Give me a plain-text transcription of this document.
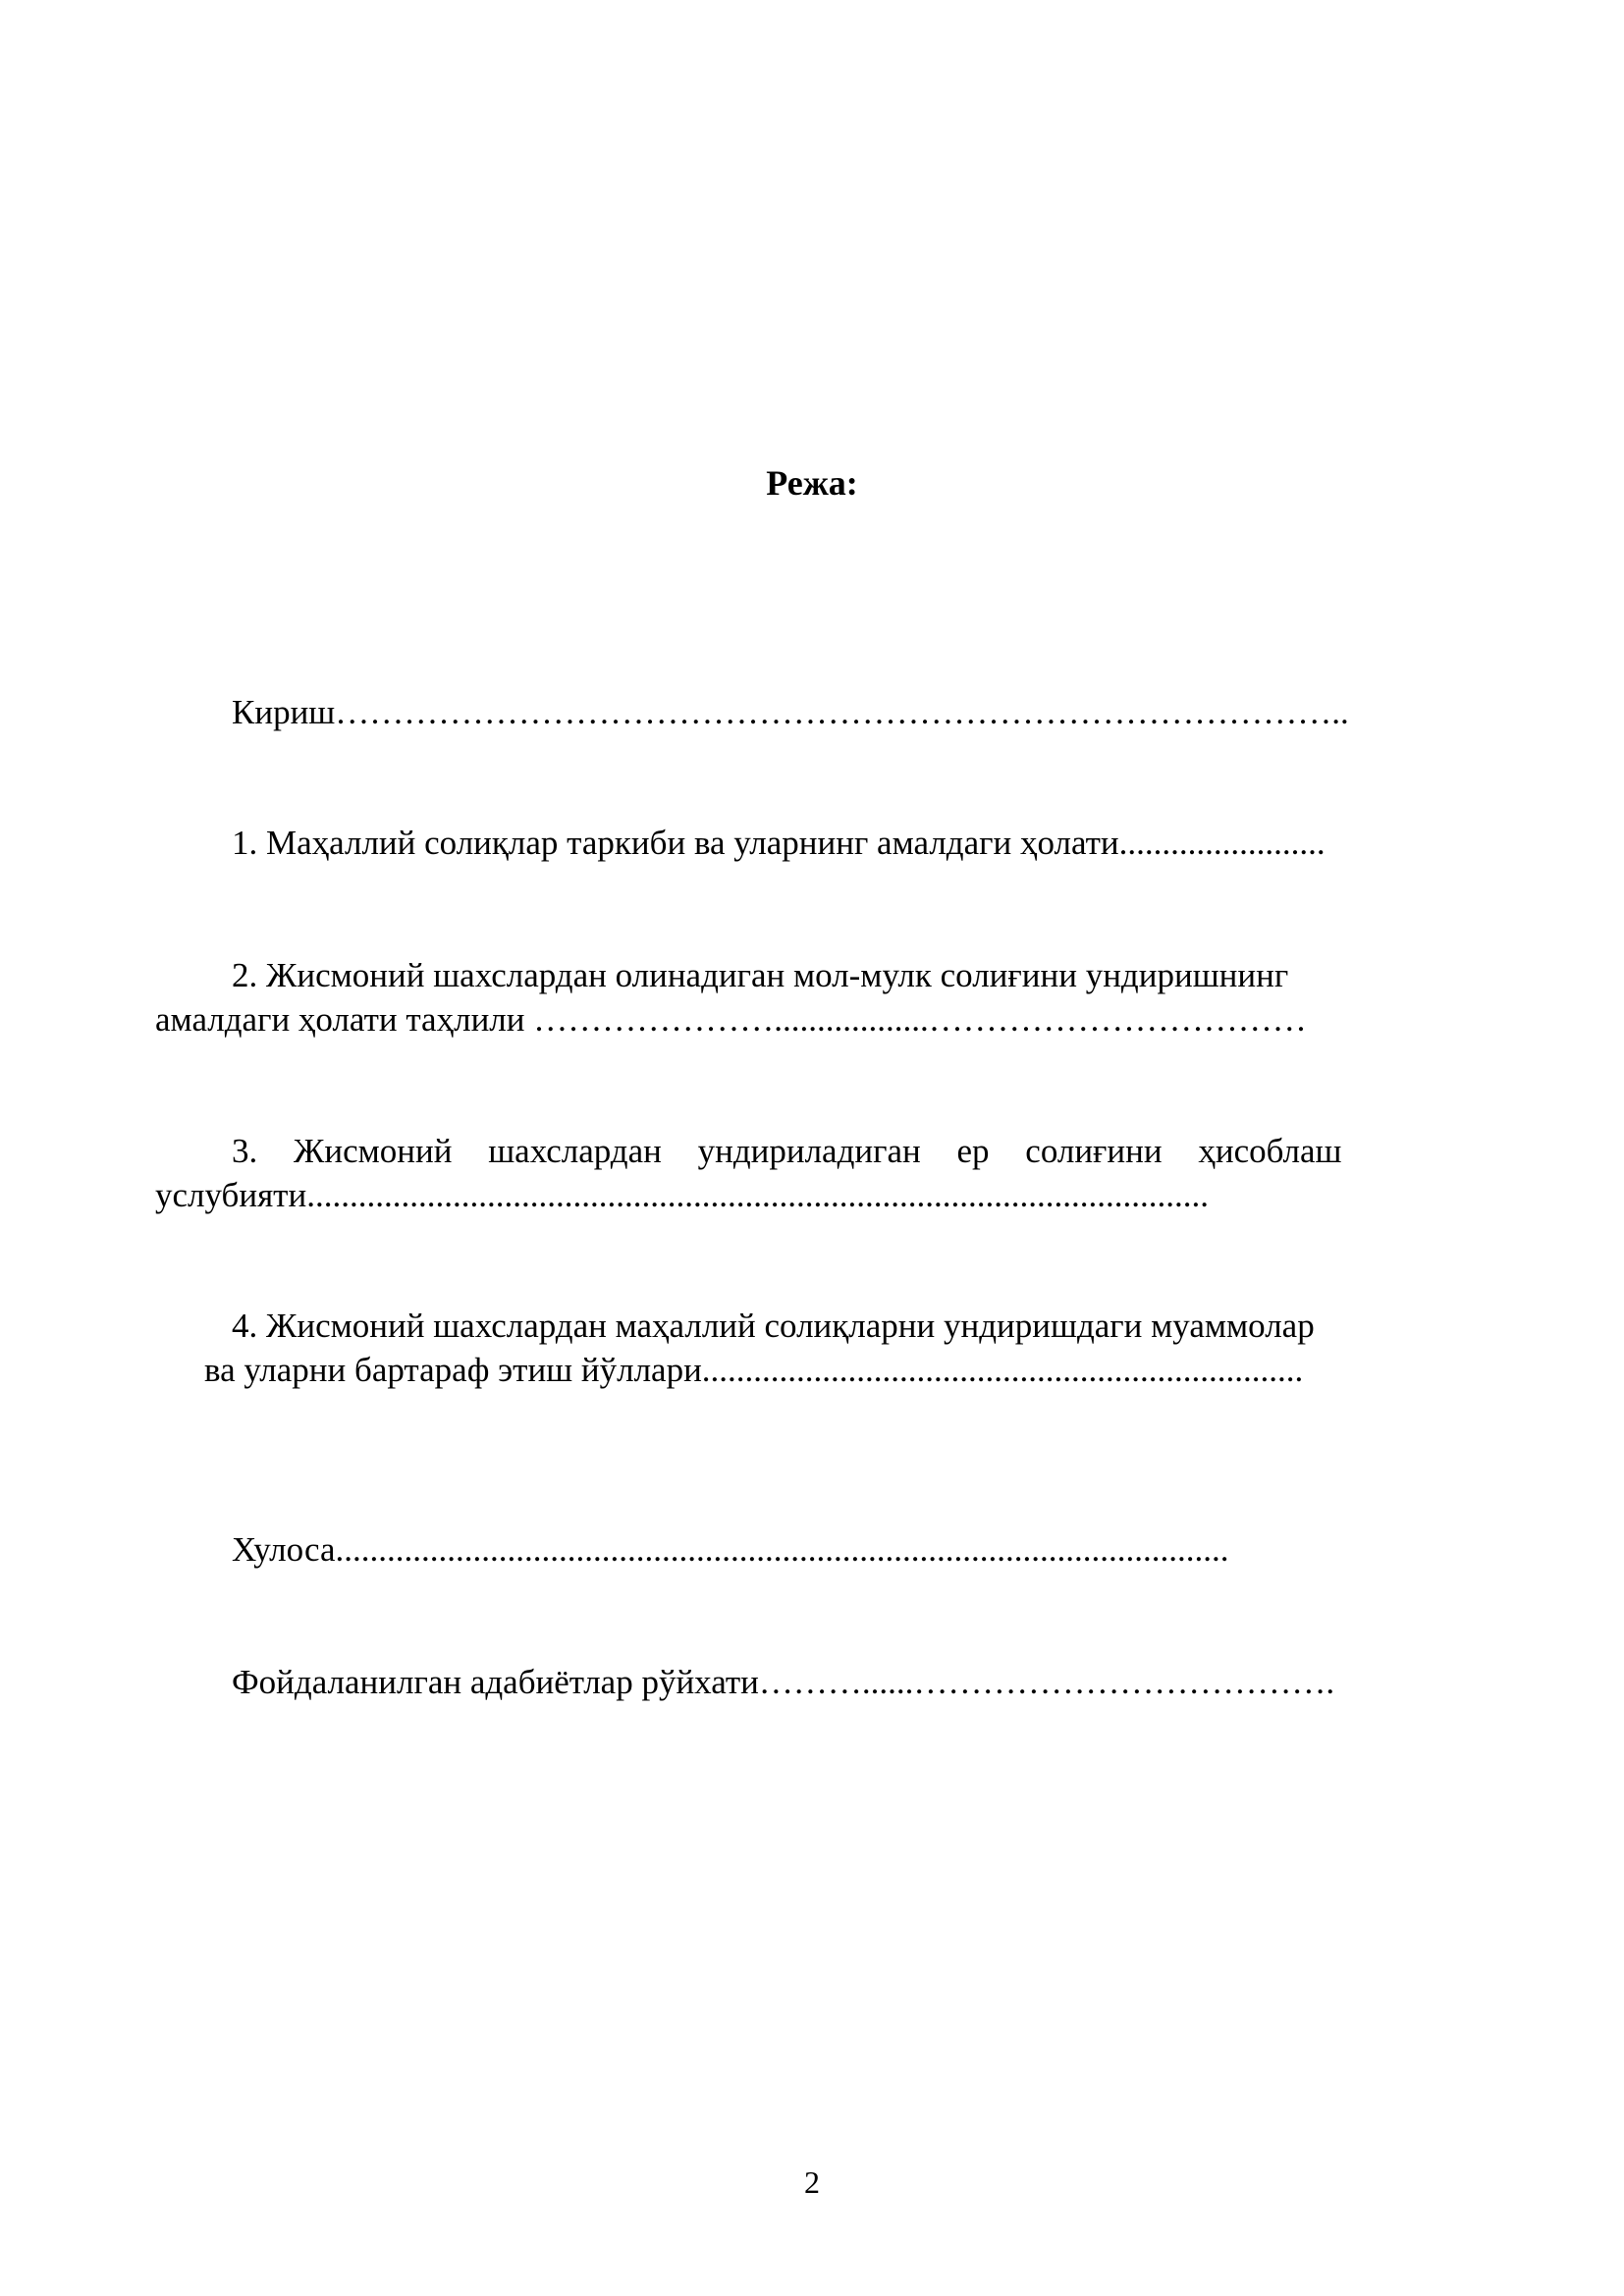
Режа:
Кириш……………………………………………………………………………..
1. Маҳаллий солиқлар таркиби ва уларнинг амалдаги ҳолати........................
2. Жисмоний шахслардан олинадиган мол-мулк солиғини ундиришнинг
амалдаги ҳолати таҳлили …………………..................……………………………
3. Жисмоний шахслардан ундириладиган ер солиғини ҳисоблаш
услубияти.........................................................................................................
4. Жисмоний шахслардан маҳаллий солиқларни ундиришдаги муаммолар
ва уларни бартараф этиш йўллари......................................................................
Хулоса........................................................................................................
Фойдаланилган адабиётлар рўйхати………......……………………………….
2
